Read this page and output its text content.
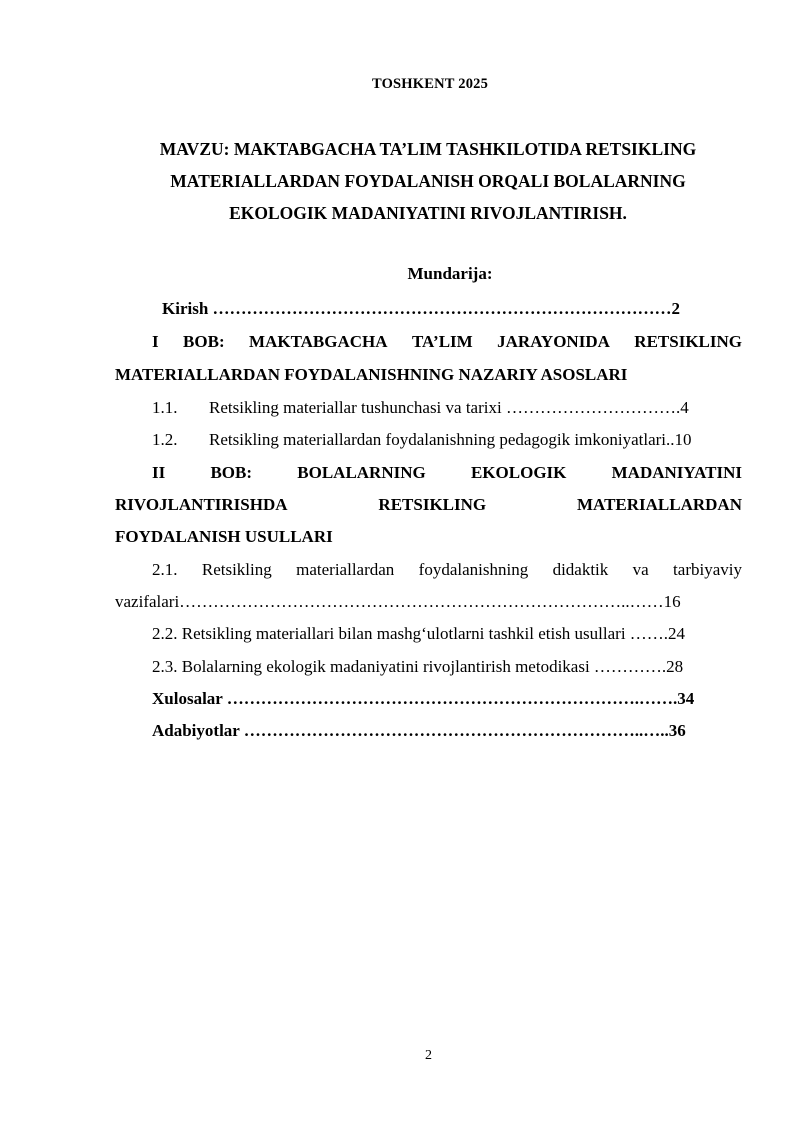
TOSHKENT 2025
MAVZU: MAKTABGACHA TA’LIM TASHKILOTIDA RETSIKLING
MATERIALLARDAN FOYDALANISH ORQALI BOLALARNING
EKOLOGIK MADANIYATINI RIVOJLANTIRISH.
Mundarija:
Kirish ………………………………………………………………………2
I BOB: MAKTABGACHA TA’LIM JARAYONIDA RETSIKLING
MATERIALLARDAN FOYDALANISHNING NAZARIY ASOSLARI
1.1. Retsikling materiallar tushunchasi va tarixi ………………………….4
1.2. Retsikling materiallardan foydalanishning pedagogik imkoniyatlari..10
II	BOB:	BOLALARNING	EKOLOGIK	MADANIYATINI
RIVOJLANTIRISHDA	RETSIKLING	MATERIALLARDAN
FOYDALANISH USULLARI
2.1. Retsikling materiallardan foydalanishning didaktik va tarbiyaviy
vazifalari……………………………………………………………………..……16
2.2. Retsikling materiallari bilan mashg‘ulotlarni tashkil etish usullari …….24
2.3. Bolalarning ekologik madaniyatini rivojlantirish metodikasi ………….28
Xulosalar ……………………………………………………………….…….34
Adabiyotlar ……………………………………………………………..…..36
2
